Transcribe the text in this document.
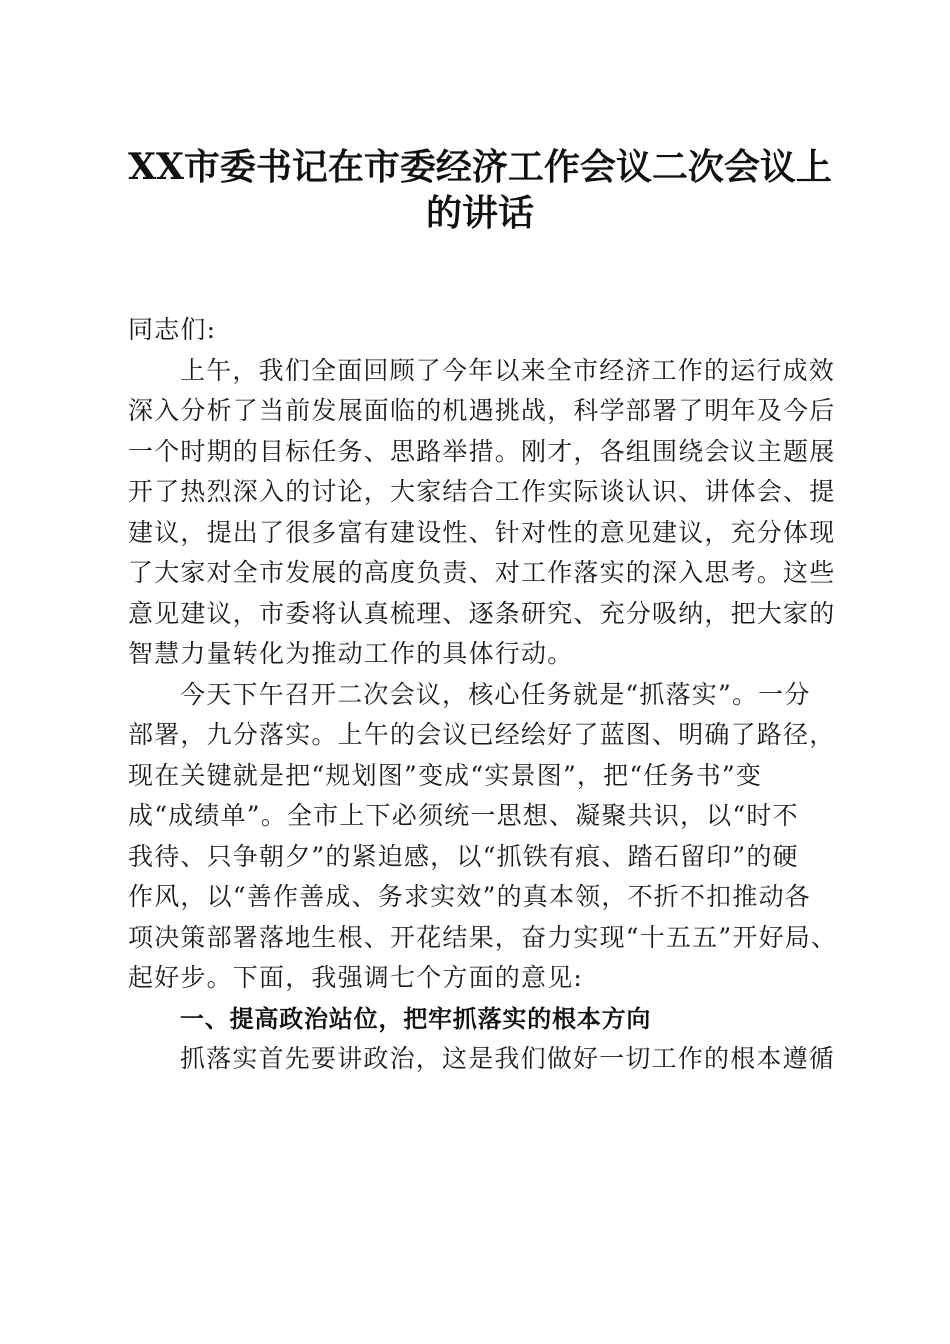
XX市委书记在市委经济工作会议二次会议上
的讲话
同志们:
上午，我们全面回顾了今年以来全市经济工作的运行成效
深入分析了当前发展面临的机遇挑战，科学部署了明年及今后
一个时期的目标任务、思路举措。刚才，各组围绕会议主题展
开了热烈深入的讨论，大家结合工作实际谈认识、讲体会、提
建议，提出了很多富有建设性、针对性的意见建议，充分体现
了大家对全市发展的高度负责、对工作落实的深入思考。这些
意见建议，市委将认真梳理、逐条研究、充分吸纳，把大家的
智慧力量转化为推动工作的具体行动。
今天下午召开二次会议，核心任务就是“抓落实”。一分
部署，九分落实。上午的会议已经绘好了蓝图、明确了路径，
现在关键就是把“规划图”变成“实景图”，把“任务书”变
成“成绩单”。全市上下必须统一思想、凝聚共识，以“时不
我待、只争朝夕”的紧迫感，以“抓铁有痕、踏石留印”的硬
作风，以“善作善成、务求实效”的真本领，不折不扣推动各
项决策部署落地生根、开花结果，奋力实现“十五五”开好局、
起好步。下面，我强调七个方面的意见:
一、提高政治站位，把牢抓落实的根本方向
抓落实首先要讲政治，这是我们做好一切工作的根本遵循
